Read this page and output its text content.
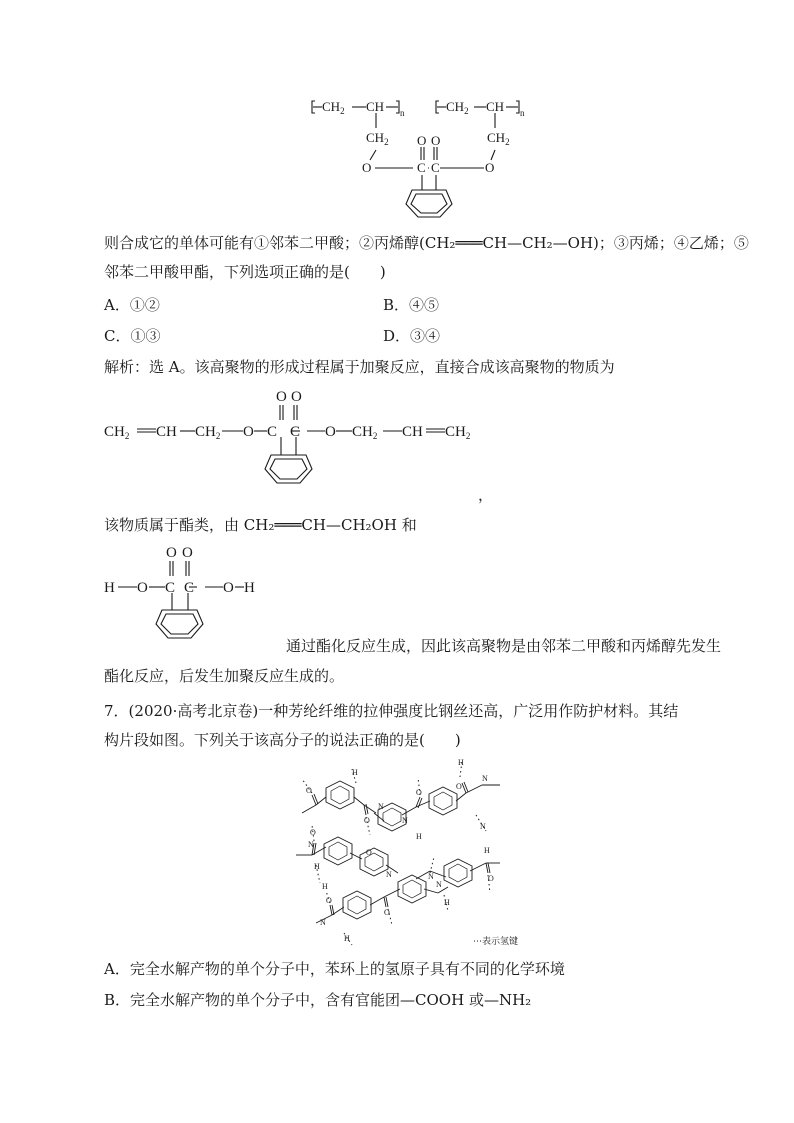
$CH_2$ CH n
$CH_2$
O
$CH_2$ CH n
$CH_2$
O
O O
C C
则合成它的单体可能有①邻苯二甲酸；②丙烯醇(CH₂═══CH—CH₂—OH)；③丙烯；④乙烯；⑤
邻苯二甲酸甲酯，下列选项正确的是(　　)
A．①②	B．④⑤
C．①③	D．③④
解析：选 A。该高聚物的形成过程属于加聚反应，直接合成该高聚物的物质为
$CH_2$ CH $CH_2$ O C C O $CH_2$ CH $CH_2$
O O
，
该物质属于酯类，由 CH₂═══CH—CH₂OH 和
H O C C O H
O O
通过酯化反应生成，因此该高聚物是由邻苯二甲酸和丙烯醇先发生
酯化反应，后发生加聚反应生成的。
7．(2020·高考北京卷)一种芳纶纤维的拉伸强度比钢丝还高，广泛用作防护材料。其结
构片段如图。下列关于该高分子的说法正确的是(　　)
H
O
N
H
O
O
N
N
O
H
N
N
O
H
O
N	N
H
O
H
O
N
O
N
H
H	⋯表示氢键
A．完全水解产物的单个分子中，苯环上的氢原子具有不同的化学环境
B．完全水解产物的单个分子中，含有官能团—COOH 或—NH₂
